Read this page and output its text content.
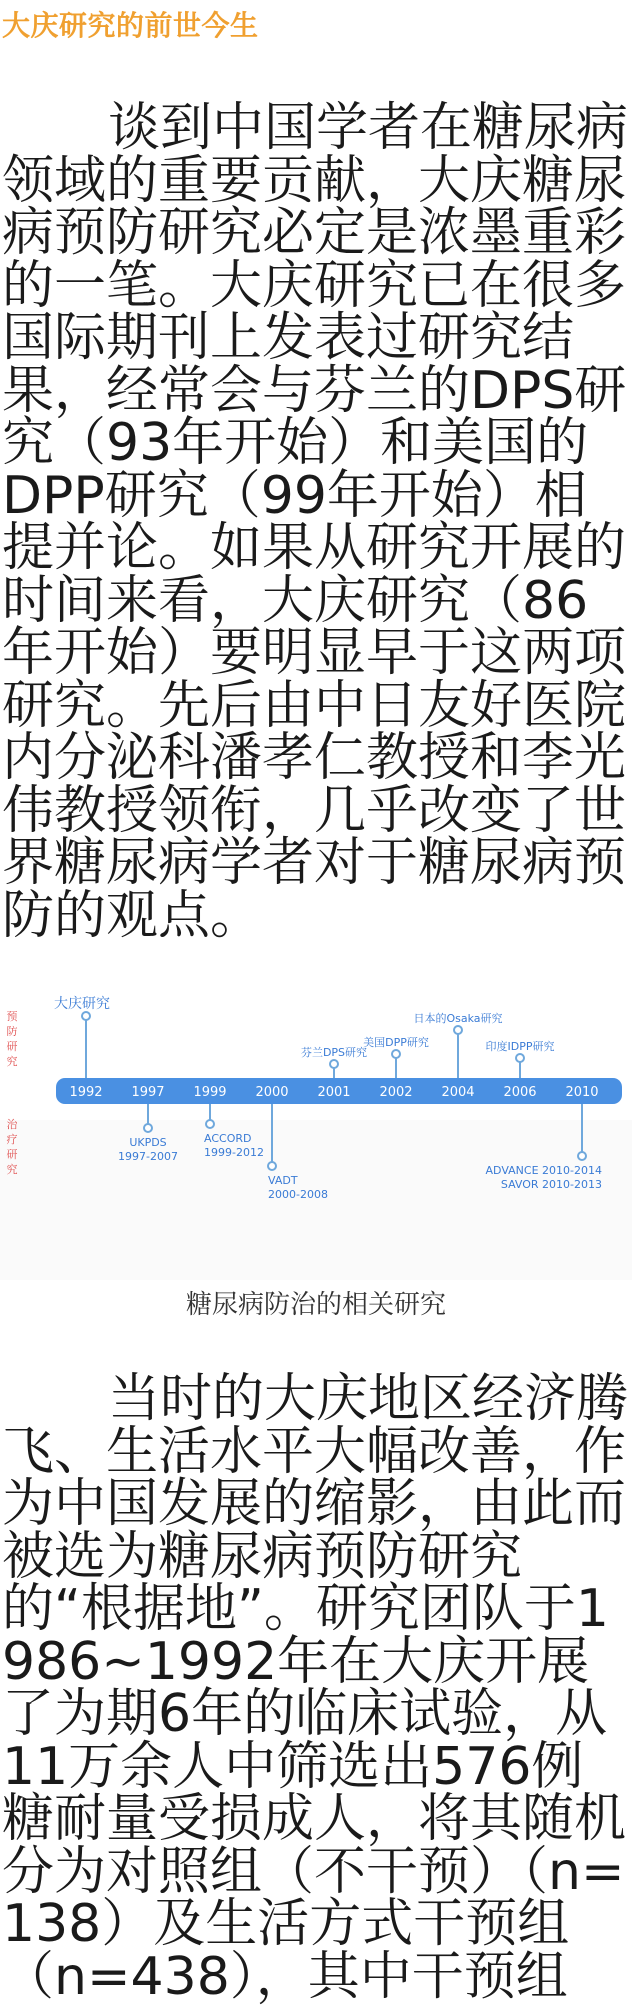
大庆研究的前世今生

谈到中国学者在糖尿病领域的重要贡献，大庆糖尿病预防研究必定是浓墨重彩的一笔。大庆研究已在很多国际期刊上发表过研究结果，经常会与芬兰的DPS研究（93年开始）和美国的DPP研究（99年开始）相提并论。如果从研究开展的时间来看，大庆研究（86年开始）要明显早于这两项研究。先后由中日友好医院内分泌科潘孝仁教授和李光伟教授领衔，几乎改变了世界糖尿病学者对于糖尿病预防的观点。

预
防
研
究
治
疗
研
究
1992 1997 1999 2000 2001 2002 2004 2006 2010
大庆研究
芬兰DPS研究
美国DPP研究
日本的Osaka研究
印度IDPP研究
UKPDS
1997-2007
ACCORD
1999-2012
VADT
2000-2008
ADVANCE 2010-2014
SAVOR 2010-2013
糖尿病防治的相关研究

当时的大庆地区经济腾飞、生活水平大幅改善，作为中国发展的缩影，由此而被选为糖尿病预防研究的“根据地”。研究团队于1986~1992年在大庆开展了为期6年的临床试验，从11万余人中筛选出576例糖耐量受损成人，将其随机分为对照组（不干预）（n=138）及生活方式干预组（n=438），其中干预组
